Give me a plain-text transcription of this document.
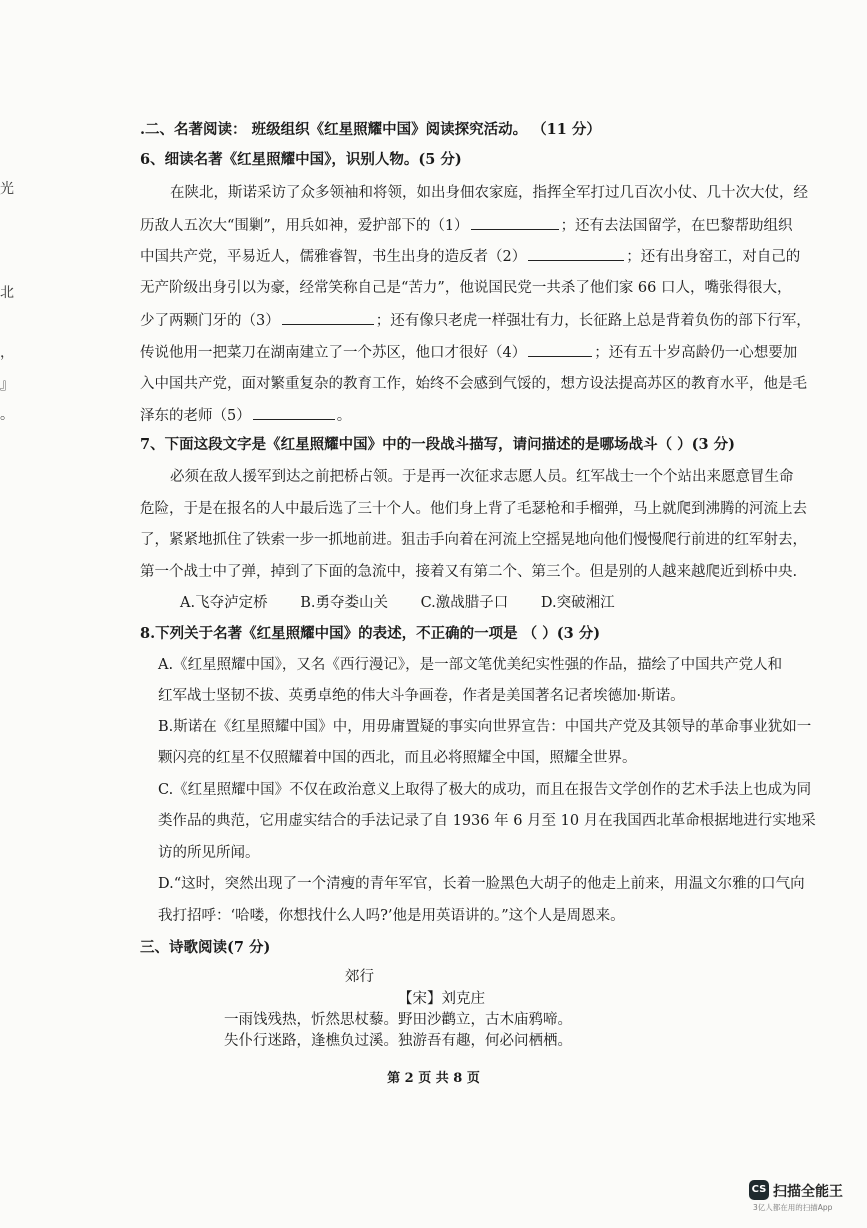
光
北
，
』
。
.二、名著阅读： 班级组织《红星照耀中国》阅读探究活动。 （11 分）
6、细读名著《红星照耀中国》，识别人物。(5 分)
在陕北，斯诺采访了众多领袖和将领，如出身佃农家庭，指挥全军打过几百次小仗、几十次大仗，经
历敌人五次大“围剿”，用兵如神，爱护部下的（1）	；还有去法国留学，在巴黎帮助组织
中国共产党，平易近人，儒雅睿智，书生出身的造反者（2）	；还有出身窑工，对自己的
无产阶级出身引以为豪，经常笑称自己是“苦力”，他说国民党一共杀了他们家 66 口人，嘴张得很大，
少了两颗门牙的（3）	；还有像只老虎一样强壮有力，长征路上总是背着负伤的部下行军，
传说他用一把菜刀在湖南建立了一个苏区，他口才很好（4）	；还有五十岁高龄仍一心想要加
入中国共产党，面对繁重复杂的教育工作，始终不会感到气馁的，想方设法提高苏区的教育水平，他是毛
泽东的老师（5）	。
7、下面这段文字是《红星照耀中国》中的一段战斗描写，请问描述的是哪场战斗（ ）(3 分)
必须在敌人援军到达之前把桥占领。于是再一次征求志愿人员。红军战士一个个站出来愿意冒生命
危险，于是在报名的人中最后选了三十个人。他们身上背了毛瑟枪和手榴弹，马上就爬到沸腾的河流上去
了，紧紧地抓住了铁索一步一抓地前进。狙击手向着在河流上空摇晃地向他们慢慢爬行前进的红军射去，
第一个战士中了弹，掉到了下面的急流中，接着又有第二个、第三个。但是别的人越来越爬近到桥中央.
A.飞夺泸定桥 B.勇夺娄山关 C.激战腊子口 D.突破湘江
8.下列关于名著《红星照耀中国》的表述，不正确的一项是 （ ）(3 分)
A.《红星照耀中国》，又名《西行漫记》，是一部文笔优美纪实性强的作品，描绘了中国共产党人和
红军战士坚韧不拔、英勇卓绝的伟大斗争画卷，作者是美国著名记者埃德加·斯诺。
B.斯诺在《红星照耀中国》中，用毋庸置疑的事实向世界宣告：中国共产党及其领导的革命事业犹如一
颗闪亮的红星不仅照耀着中国的西北，而且必将照耀全中国，照耀全世界。
C.《红星照耀中国》不仅在政治意义上取得了极大的成功，而且在报告文学创作的艺术手法上也成为同
类作品的典范，它用虚实结合的手法记录了自 1936 年 6 月至 10 月在我国西北革命根据地进行实地采
访的所见所闻。
D.“这时，突然出现了一个清瘦的青年军官，长着一脸黑色大胡子的他走上前来，用温文尔雅的口气向
我打招呼：‘哈喽，你想找什么人吗?’他是用英语讲的。”这个人是周恩来。
三、诗歌阅读(7 分)
郊行
【宋】刘克庄
一雨饯残热，忻然思杖藜。野田沙鹳立，古木庙鸦啼。
失仆行迷路，逢樵负过溪。独游吾有趣，何必问栖栖。
第 2 页 共 8 页
CS 扫描全能王
3亿人都在用的扫描App
